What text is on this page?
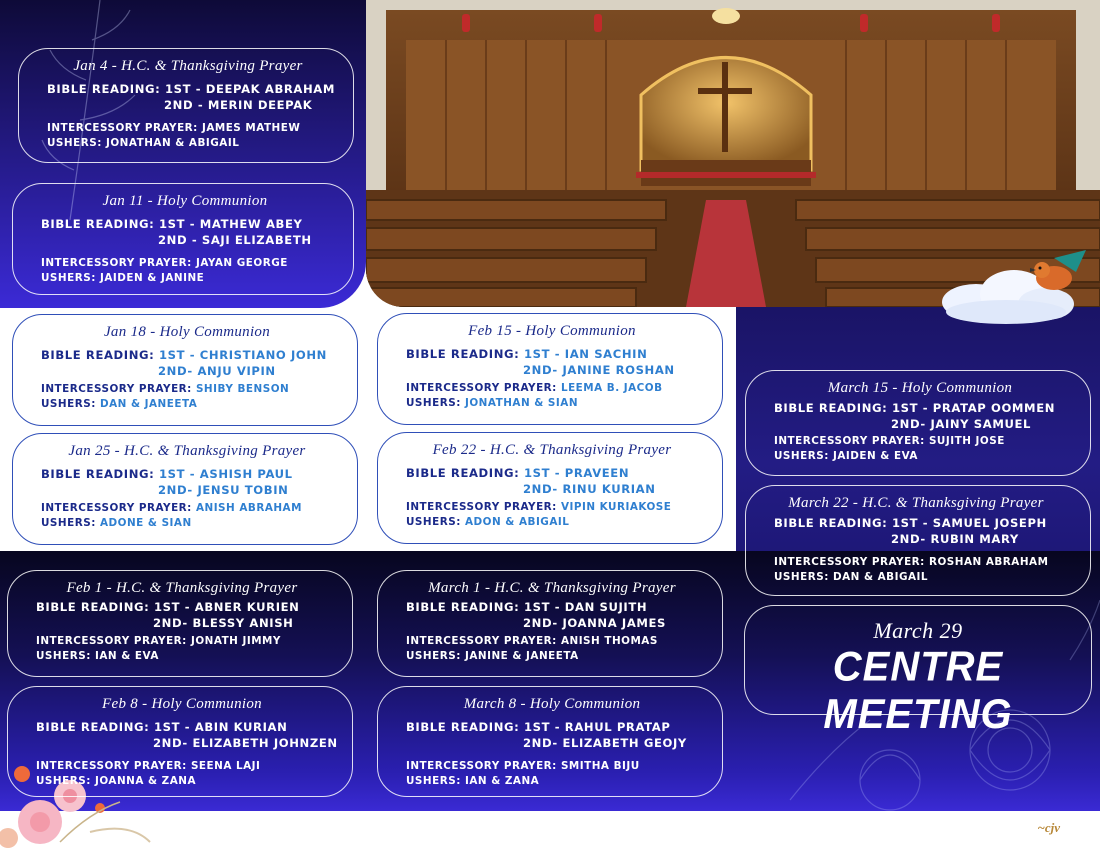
Jan 4 - H.C. & Thanksgiving Prayer
BIBLE READING: 1ST - DEEPAK ABRAHAM
2ND - MERIN DEEPAK
INTERCESSORY PRAYER: JAMES MATHEW
USHERS: JONATHAN & ABIGAIL
Jan 11 - Holy Communion
BIBLE READING: 1ST - MATHEW ABEY
2ND - SAJI ELIZABETH
INTERCESSORY PRAYER: JAYAN GEORGE
USHERS: JAIDEN & JANINE
Jan 18 - Holy Communion
BIBLE READING: 1ST - CHRISTIANO JOHN
2ND- ANJU VIPIN
INTERCESSORY PRAYER: SHIBY BENSON
USHERS: DAN & JANEETA
Jan 25 - H.C. & Thanksgiving Prayer
BIBLE READING: 1ST - ASHISH PAUL
2ND- JENSU TOBIN
INTERCESSORY PRAYER: ANISH ABRAHAM
USHERS: ADONE & SIAN
Feb 15 - Holy Communion
BIBLE READING: 1ST - IAN SACHIN
2ND- JANINE ROSHAN
INTERCESSORY PRAYER: LEEMA B. JACOB
USHERS: JONATHAN & SIAN
Feb 22 - H.C. & Thanksgiving Prayer
BIBLE READING: 1ST - PRAVEEN
2ND- RINU KURIAN
INTERCESSORY PRAYER: VIPIN KURIAKOSE
USHERS: ADON & ABIGAIL
March 15 - Holy Communion
BIBLE READING: 1ST - PRATAP OOMMEN
2ND- JAINY SAMUEL
INTERCESSORY PRAYER: SUJITH JOSE
USHERS: JAIDEN & EVA
March 22 - H.C. & Thanksgiving Prayer
BIBLE READING: 1ST - SAMUEL JOSEPH
2ND- RUBIN MARY
INTERCESSORY PRAYER: ROSHAN ABRAHAM
USHERS: DAN & ABIGAIL
Feb 1 - H.C. & Thanksgiving Prayer
BIBLE READING: 1ST - ABNER KURIEN
2ND- BLESSY ANISH
INTERCESSORY PRAYER: JONATH JIMMY
USHERS: IAN & EVA
Feb 8 - Holy Communion
BIBLE READING: 1ST - ABIN KURIAN
2ND- ELIZABETH JOHNZEN
INTERCESSORY PRAYER: SEENA LAJI
USHERS: JOANNA & ZANA
March 1 - H.C. & Thanksgiving Prayer
BIBLE READING: 1ST - DAN SUJITH
2ND- JOANNA JAMES
INTERCESSORY PRAYER: ANISH THOMAS
USHERS: JANINE & JANEETA
March 8 - Holy Communion
BIBLE READING: 1ST - RAHUL PRATAP
2ND- ELIZABETH GEOJY
INTERCESSORY PRAYER: SMITHA BIJU
USHERS: IAN & ZANA
March 29
CENTRE MEETING
~cjv
